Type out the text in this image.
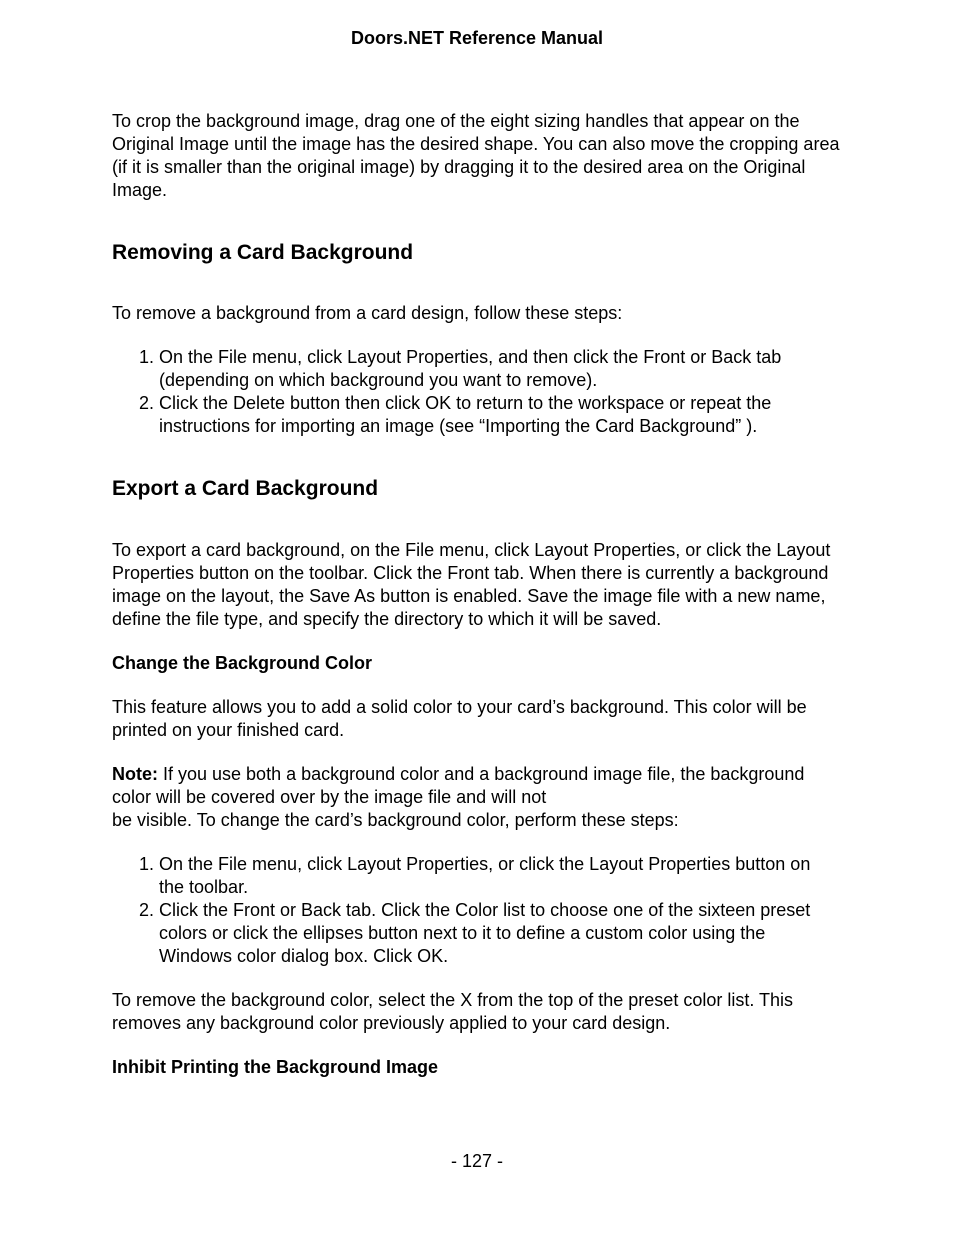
Doors.NET Reference Manual

To crop the background image, drag one of the eight sizing handles that appear on the Original Image until the image has the desired shape. You can also move the cropping area (if it is smaller than the original image) by dragging it to the desired area on the Original Image.

Removing a Card Background

To remove a background from a card design, follow these steps:

1. On the File menu, click Layout Properties, and then click the Front or Back tab (depending on which background you want to remove).
2. Click the Delete button then click OK to return to the workspace or repeat the instructions for importing an image (see “Importing the Card Background” ).
Export a Card Background

To export a card background, on the File menu, click Layout Properties, or click the Layout Properties button on the toolbar. Click the Front tab. When there is currently a background image on the layout, the Save As button is enabled. Save the image file with a new name, define the file type, and specify the directory to which it will be saved.

Change the Background Color

This feature allows you to add a solid color to your card’s background. This color will be printed on your finished card.

Note: If you use both a background color and a background image file, the background color will be covered over by the image file and will not

be visible. To change the card’s background color, perform these steps:

1. On the File menu, click Layout Properties, or click the Layout Properties button on the toolbar.
2. Click the Front or Back tab. Click the Color list to choose one of the sixteen preset colors or click the ellipses button next to it to define a custom color using the Windows color dialog box. Click OK.

To remove the background color, select the X from the top of the preset color list. This removes any background color previously applied to your card design.

Inhibit Printing the Background Image
- 127 -
